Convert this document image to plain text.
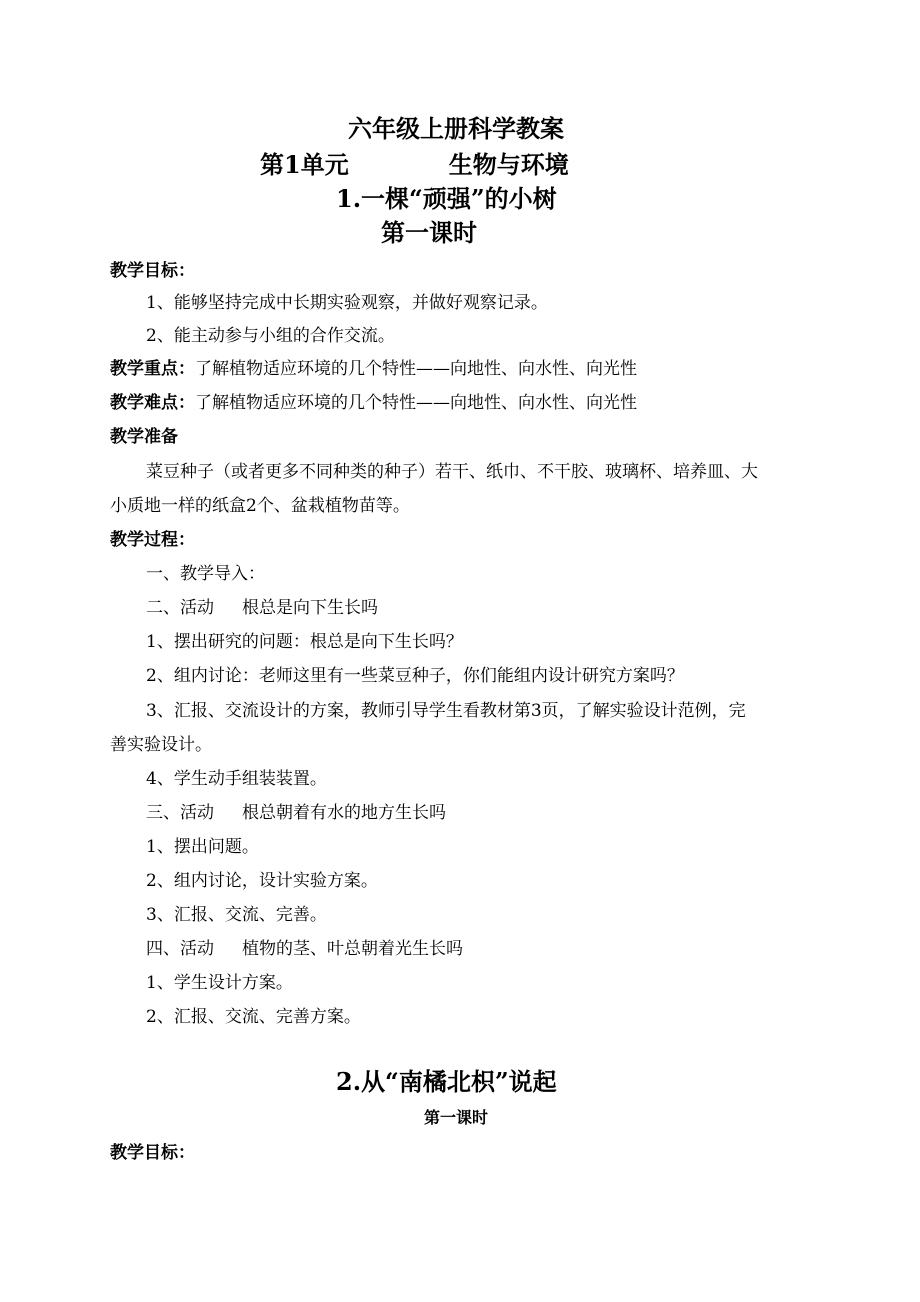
六年级上册科学教案
第1单元	生物与环境
1.一棵“顽强”的小树
第一课时
教学目标：
1、能够坚持完成中长期实验观察，并做好观察记录。
2、能主动参与小组的合作交流。
教学重点：了解植物适应环境的几个特性——向地性、向水性、向光性
教学难点：了解植物适应环境的几个特性——向地性、向水性、向光性
教学准备
菜豆种子（或者更多不同种类的种子）若干、纸巾、不干胶、玻璃杯、培养皿、大
小质地一样的纸盒2个、盆栽植物苗等。
教学过程：
一、教学导入：
二、活动 根总是向下生长吗
1、摆出研究的问题：根总是向下生长吗？
2、组内讨论：老师这里有一些菜豆种子，你们能组内设计研究方案吗？
3、汇报、交流设计的方案，教师引导学生看教材第3页，了解实验设计范例，完
善实验设计。
4、学生动手组装装置。
三、活动 根总朝着有水的地方生长吗
1、摆出问题。
2、组内讨论，设计实验方案。
3、汇报、交流、完善。
四、活动 植物的茎、叶总朝着光生长吗
1、学生设计方案。
2、汇报、交流、完善方案。
2.从“南橘北枳”说起
第一课时
教学目标：
